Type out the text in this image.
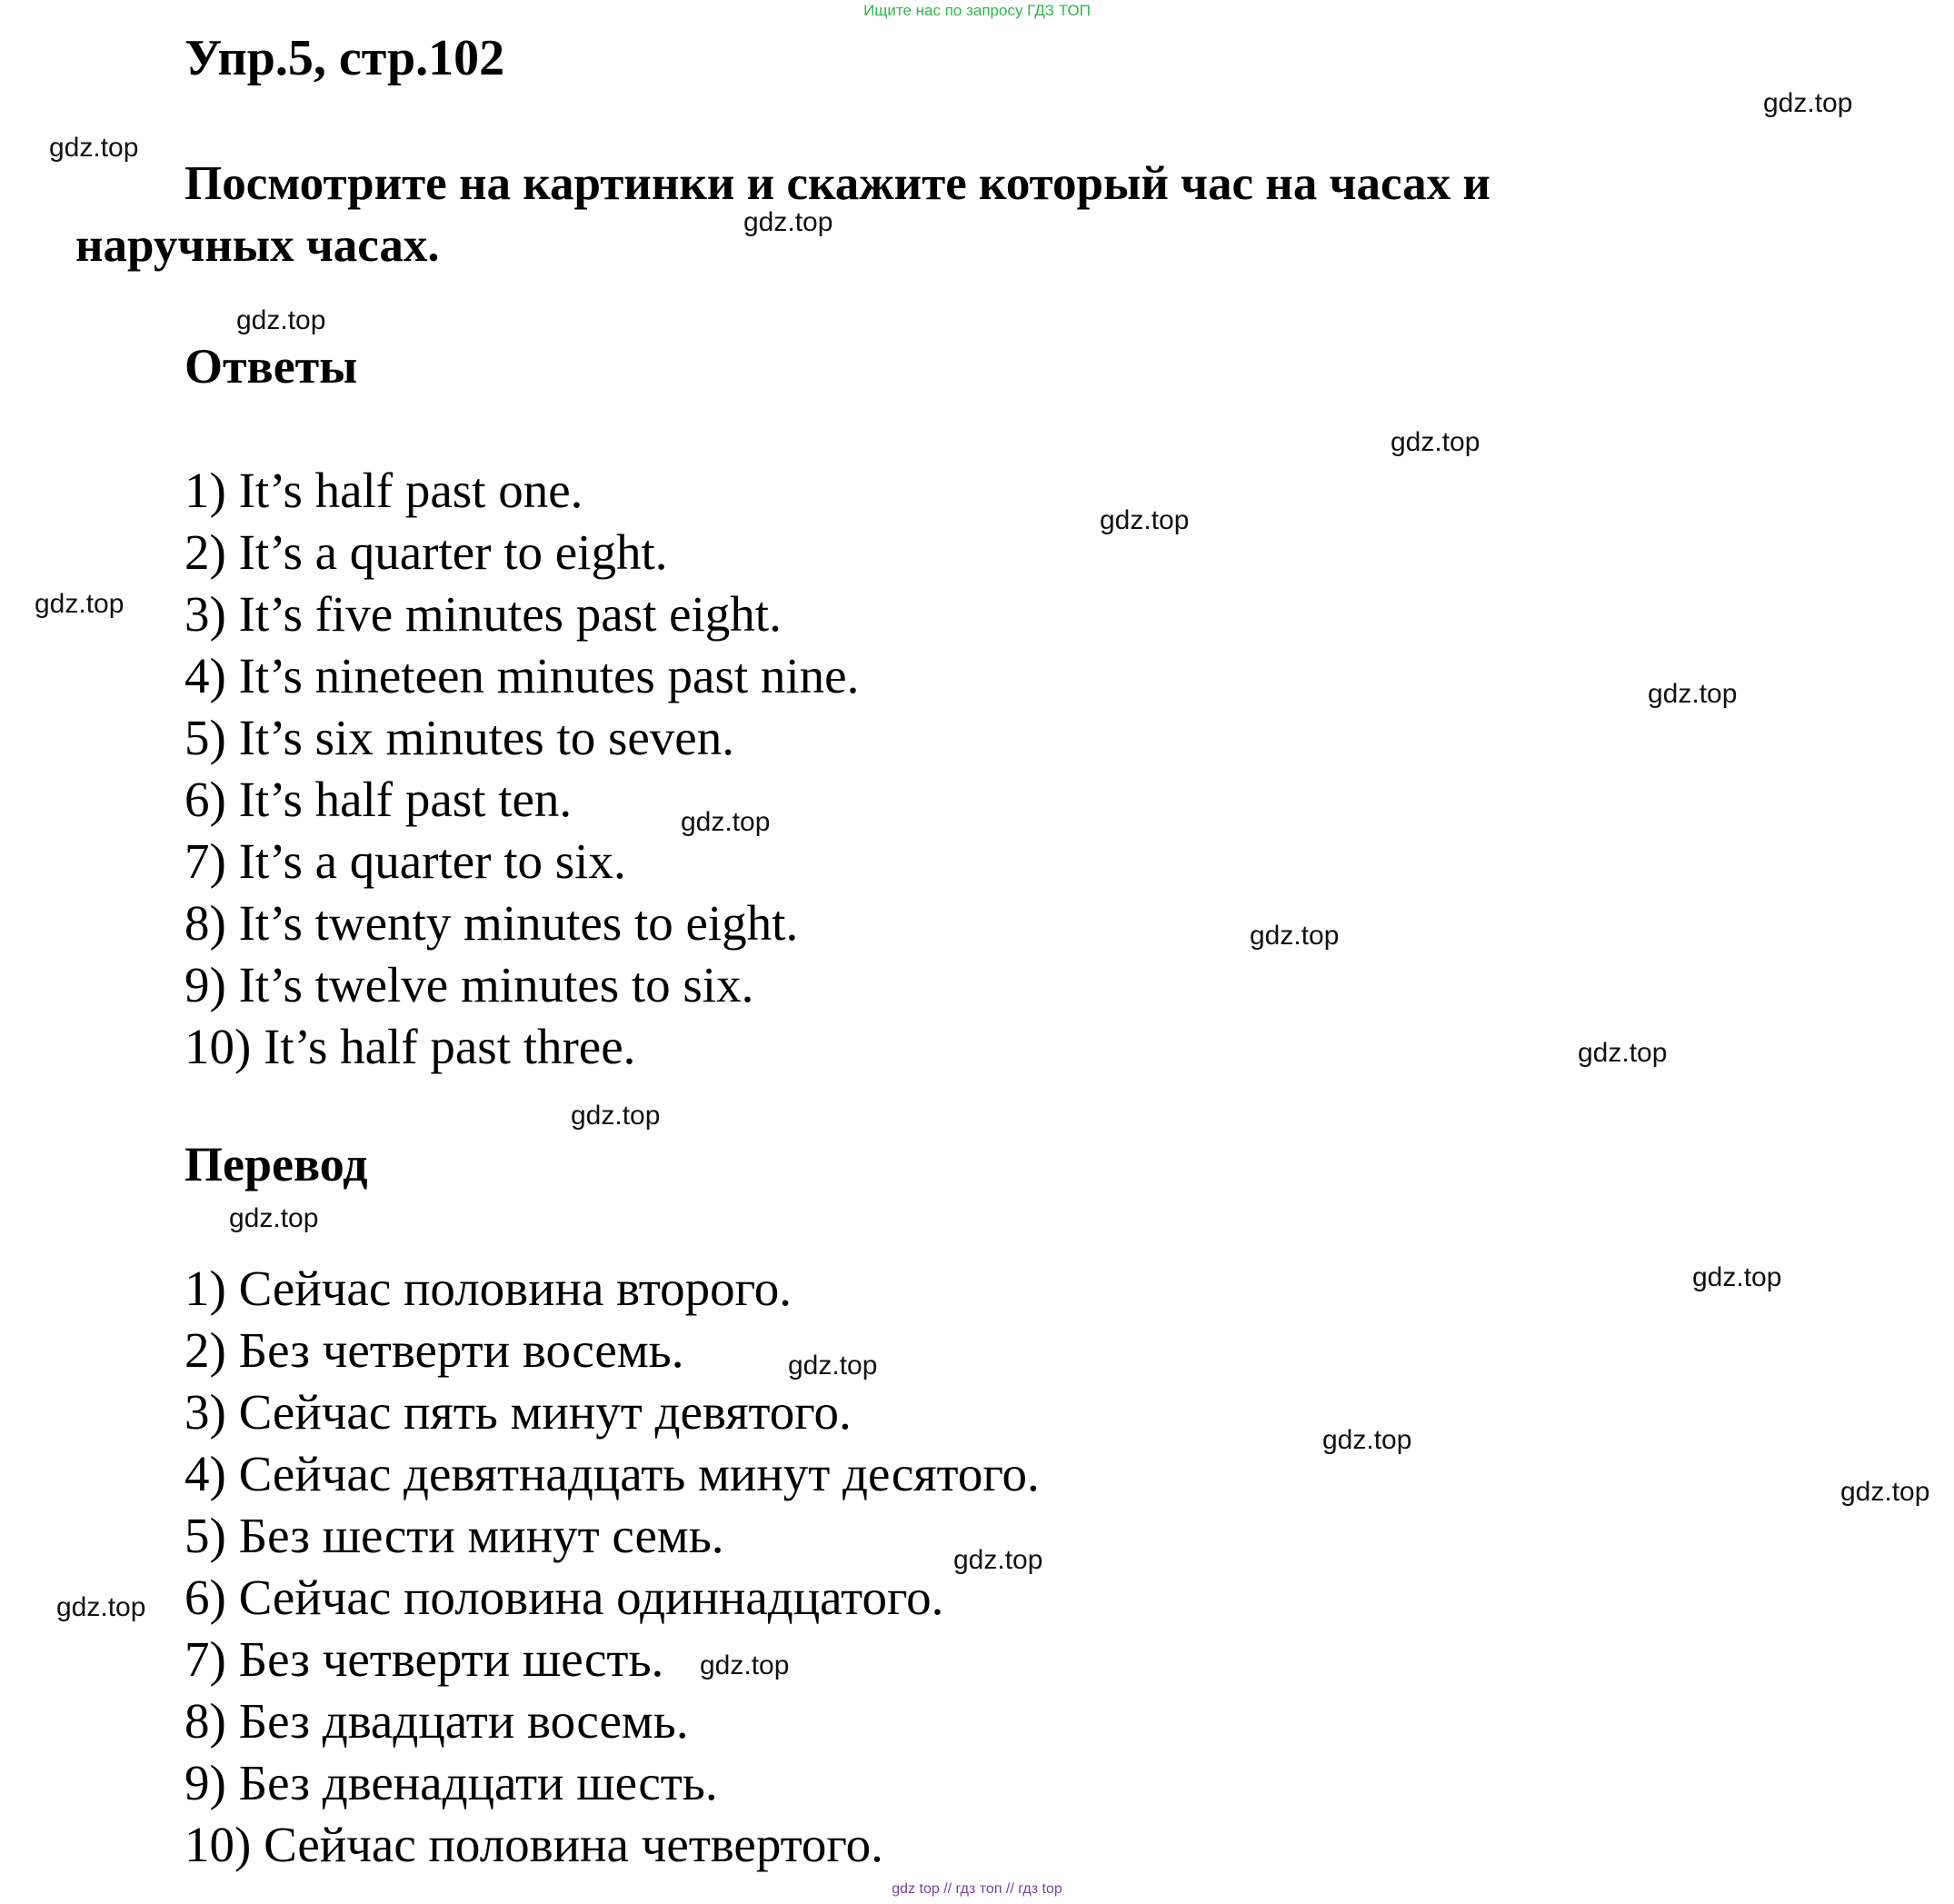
Ищите нас по запросу ГДЗ ТОП
Упр.5, стр.102
Посмотрите на картинки и скажите который час на часах и
наручных часах.
Ответы
1) It’s half past one.
2) It’s a quarter to eight.
3) It’s five minutes past eight.
4) It’s nineteen minutes past nine.
5) It’s six minutes to seven.
6) It’s half past ten.
7) It’s a quarter to six.
8) It’s twenty minutes to eight.
9) It’s twelve minutes to six.
10) It’s half past three.
Перевод
1) Сейчас половина второго.
2) Без четверти восемь.
3) Сейчас пять минут девятого.
4) Сейчас девятнадцать минут десятого.
5) Без шести минут семь.
6) Сейчас половина одиннадцатого.
7) Без четверти шесть.
8) Без двадцати восемь.
9) Без двенадцати шесть.
10) Сейчас половина четвертого.
gdz.top
gdz.top
gdz.top
gdz.top
gdz.top
gdz.top
gdz.top
gdz.top
gdz.top
gdz.top
gdz.top
gdz.top
gdz.top
gdz.top
gdz.top
gdz.top
gdz.top
gdz.top
gdz.top
gdz.top
gdz top // гдз топ // гдз top
